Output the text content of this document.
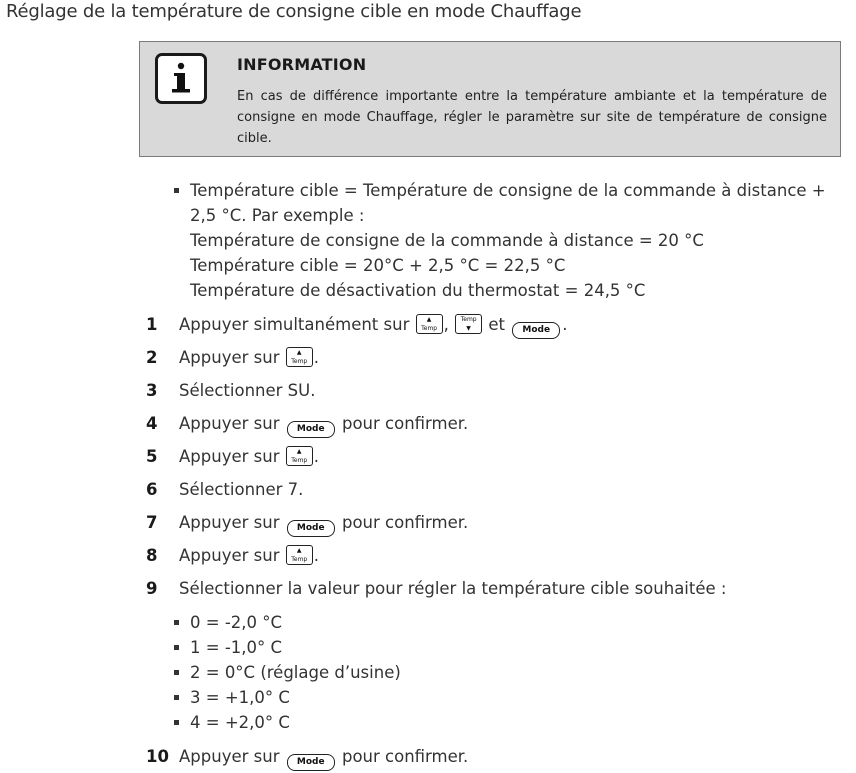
Réglage de la température de consigne cible en mode Chauffage
INFORMATION
En cas de différence importante entre la température ambiante et la température de consigne en mode Chauffage, régler le paramètre sur site de température de consigne cible.
Température cible = Température de consigne de la commande à distance +
2,5 °C. Par exemple :
Température de consigne de la commande à distance = 20 °C
Température cible = 20°C + 2,5 °C = 22,5 °C
Température de désactivation du thermostat = 24,5 °C
1	Appuyer simultanément sur	▲
Temp ,	Temp
▼	et Mode .
2	Appuyer sur	▲
Temp .
3	Sélectionner SU.
4	Appuyer sur Mode pour confirmer.
5	Appuyer sur	▲
Temp .
6	Sélectionner 7.
7	Appuyer sur Mode pour confirmer.
8	Appuyer sur	▲
Temp .
9	Sélectionner la valeur pour régler la température cible souhaitée :
10 Appuyer sur Mode pour confirmer.
0 = -2,0 °C
1 = -1,0° C
2 = 0°C (réglage d’usine)
3 = +1,0° C
4 = +2,0° C
